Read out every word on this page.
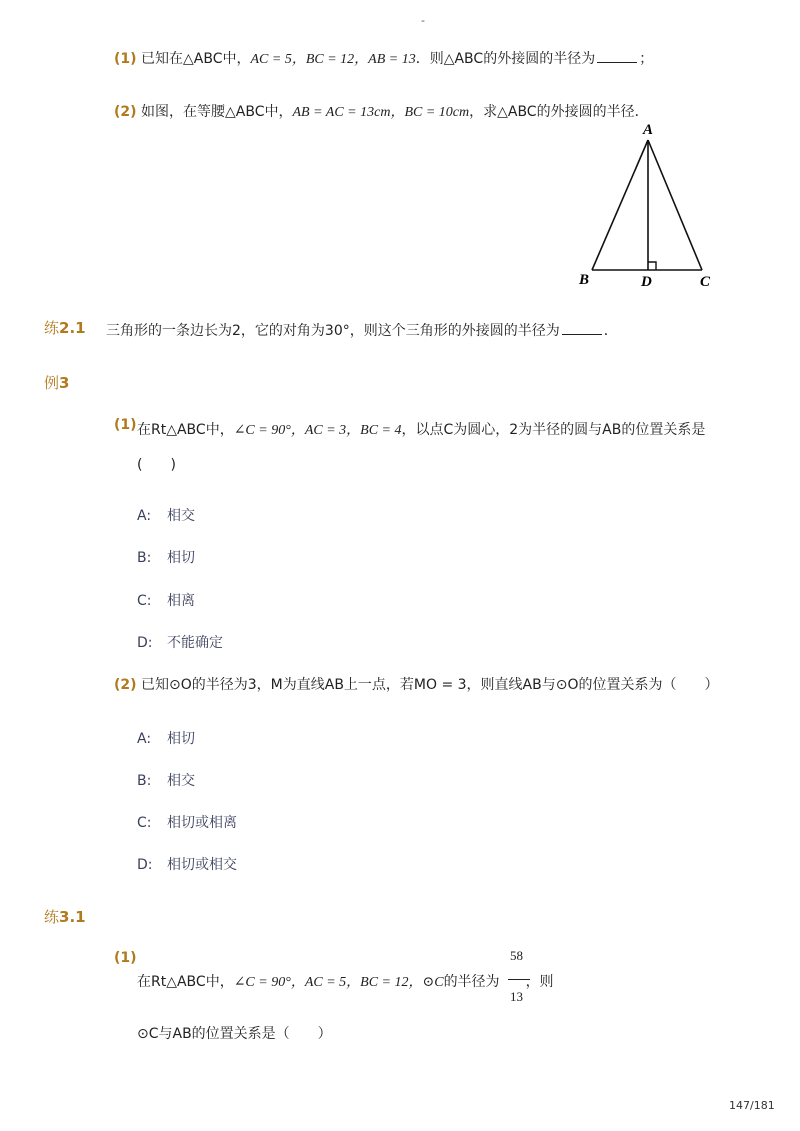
-
(1) 已知在△ABC中，AC = 5，BC = 12，AB = 13．则△ABC的外接圆的半径为	；
(2) 如图，在等腰△ABC中，AB = AC = 13cm，BC = 10cm，求△ABC的外接圆的半径．
A
B	D	C
练2.1 三角形的一条边长为2，它的对角为30°，则这个三角形的外接圆的半径为	．
例3
(1) 在Rt△ABC中，∠C = 90°，AC = 3，BC = 4，以点C为圆心，2为半径的圆与AB的位置关系是
(　　)
A: 相交
B: 相切
C: 相离
D: 不能确定
(2) 已知⊙O的半径为3，M为直线AB上一点，若MO = 3，则直线AB与⊙O的位置关系为（　　）
A: 相切
B: 相交
C: 相切或相离
D: 相切或相交
练3.1
(1)
在Rt△ABC中，∠C = 90°，AC = 5，BC = 12，⊙C的半径为 ，则
58
13
⊙C与AB的位置关系是（　　）
147/181
